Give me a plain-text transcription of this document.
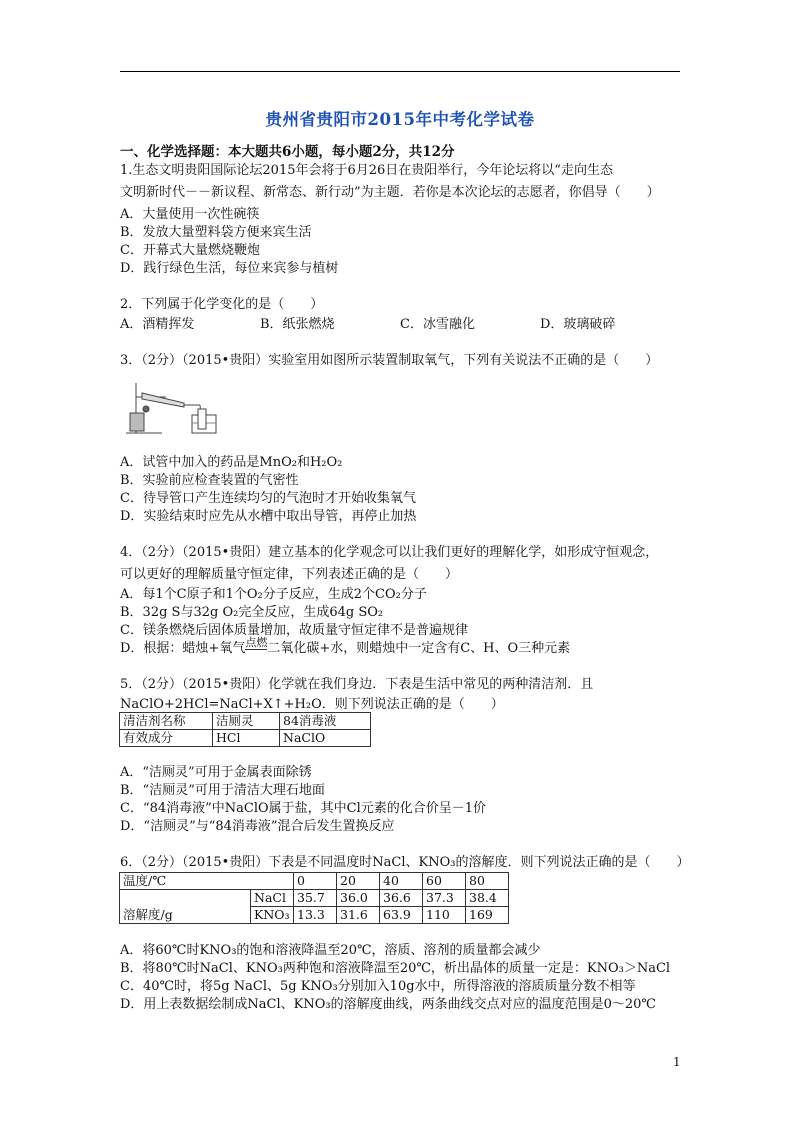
贵州省贵阳市2015年中考化学试卷
一、化学选择题：本大题共6小题，每小题2分，共12分
1.生态文明贵阳国际论坛2015年会将于6月26日在贵阳举行，今年论坛将以“走向生态
文明新时代－－新议程、新常态、新行动”为主题．若你是本次论坛的志愿者，你倡导（　　）
A．大量使用一次性碗筷
B．发放大量塑料袋方便来宾生活
C．开幕式大量燃烧鞭炮
D．践行绿色生活，每位来宾参与植树
2．下列属于化学变化的是（　　）
A．酒精挥发	B．纸张燃烧	C．冰雪融化	D．玻璃破碎
3．（2分）（2015•贵阳）实验室用如图所示装置制取氧气，下列有关说法不正确的是（　　）
A．试管中加入的药品是MnO₂和H₂O₂
B．实验前应检查装置的气密性
C．待导管口产生连续均匀的气泡时才开始收集氧气
D．实验结束时应先从水槽中取出导管，再停止加热
4．（2分）（2015•贵阳）建立基本的化学观念可以让我们更好的理解化学，如形成守恒观念，
可以更好的理解质量守恒定律，下列表述正确的是（　　）
A．每1个C原子和1个O₂分子反应，生成2个CO₂分子
B．32g S与32g O₂完全反应，生成64g SO₂
C．镁条燃烧后固体质量增加，故质量守恒定律不是普遍规律
D．根据：蜡烛+氧气$^{点燃}$二氧化碳+水，则蜡烛中一定含有C、H、O三种元素
5．（2分）（2015•贵阳）化学就在我们身边．下表是生活中常见的两种清洁剂．且
NaClO+2HCl=NaCl+X↑+H₂O．则下列说法正确的是（　　）
清洁剂名称	洁厕灵	84消毒液
有效成分	HCl	NaClO
A．“洁厕灵”可用于金属表面除锈
B．“洁厕灵”可用于清洁大理石地面
C．“84消毒液”中NaClO属于盐，其中Cl元素的化合价呈－1价
D．“洁厕灵”与“84消毒液”混合后发生置换反应
6．（2分）（2015•贵阳）下表是不同温度时NaCl、KNO₃的溶解度．则下列说法正确的是（　　）
温度/℃		0	20	40	60	80
溶解度/g	NaCl	35.7	36.0	36.6	37.3	38.4
	KNO₃	13.3	31.6	63.9	110	169
A．将60℃时KNO₃的饱和溶液降温至20℃，溶质、溶剂的质量都会减少
B．将80℃时NaCl、KNO₃两种饱和溶液降温至20℃，析出晶体的质量一定是：KNO₃＞NaCl
C．40℃时，将5g NaCl、5g KNO₃分别加入10g水中，所得溶液的溶质质量分数不相等
D．用上表数据绘制成NaCl、KNO₃的溶解度曲线，两条曲线交点对应的温度范围是0～20℃
1
